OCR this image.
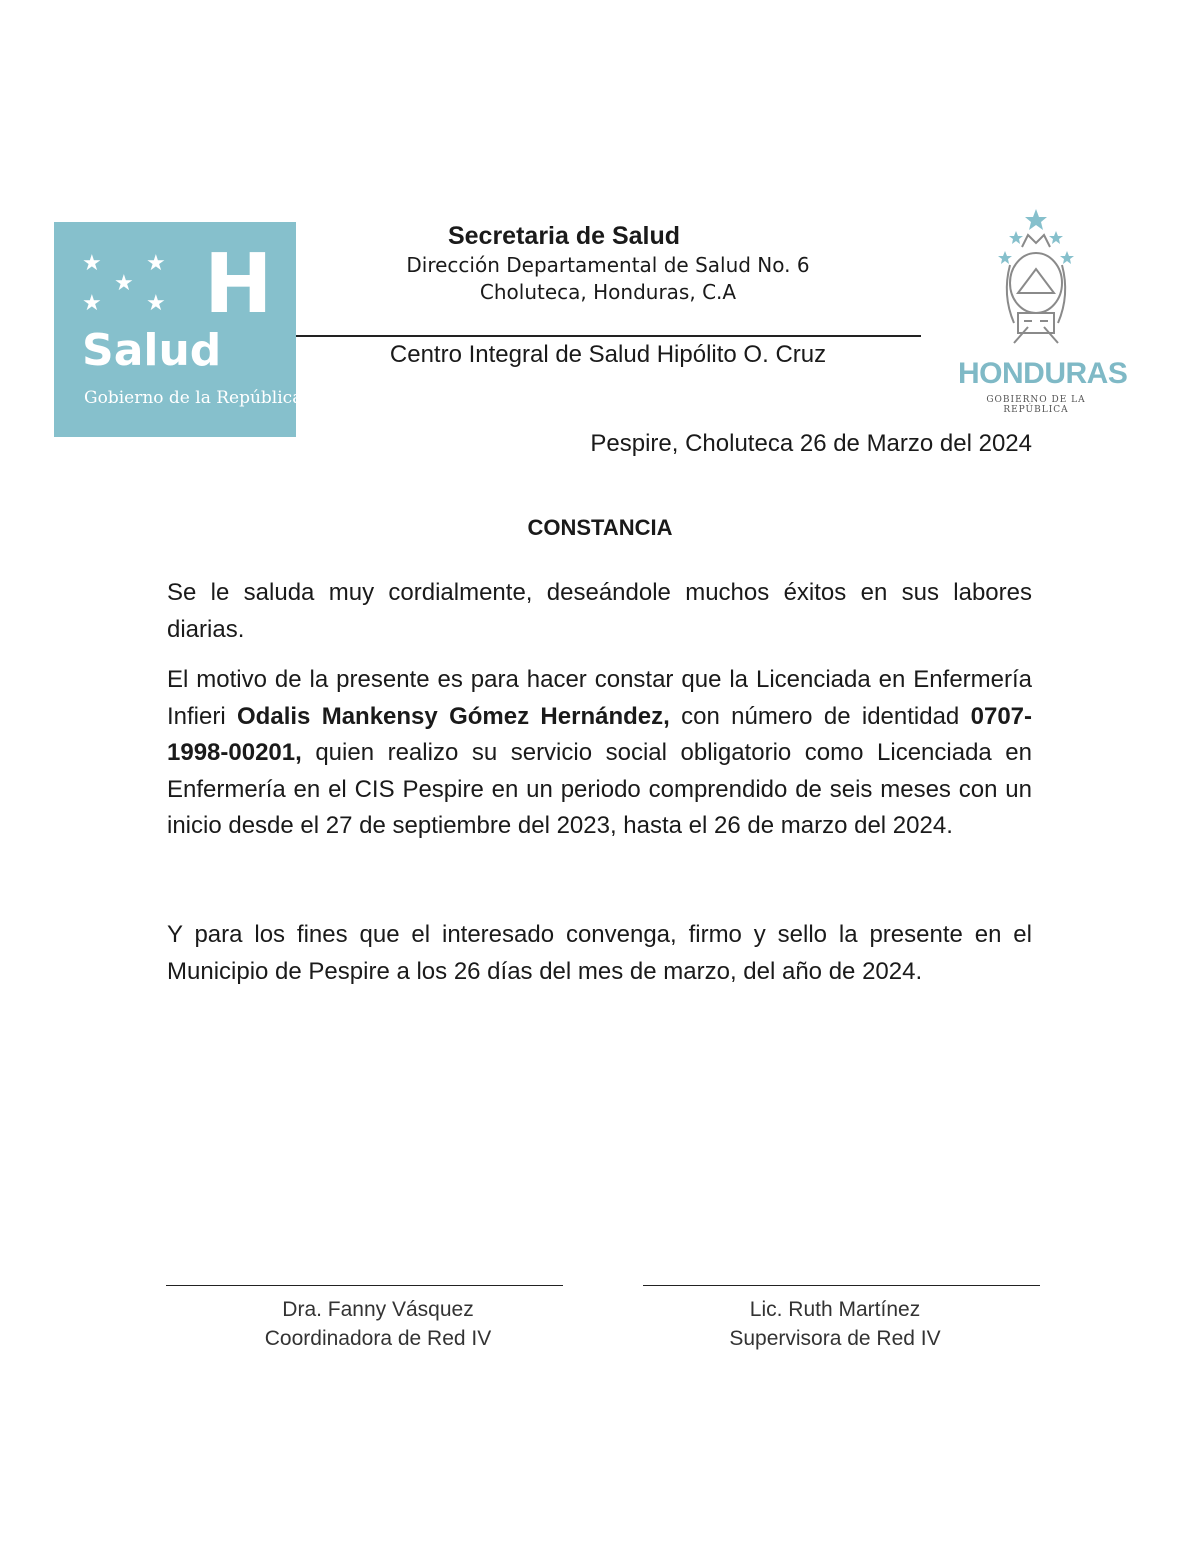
★ ★
★
★ ★ H
Salud
Gobierno de la República

Secretaria de Salud

Dirección Departamental de Salud No. 6

Choluteca, Honduras, C.A

Centro Integral de Salud Hipólito O. Cruz

HONDURAS
GOBIERNO DE LA REPÚBLICA
Pespire, Choluteca 26 de Marzo del 2024
CONSTANCIA

Se le saluda muy cordialmente, deseándole muchos éxitos en sus labores diarias.

El motivo de la presente es para hacer constar que la Licenciada en Enfermería Infieri Odalis Mankensy Gómez Hernández, con número de identidad 0707-1998-00201, quien realizo su servicio social obligatorio como Licenciada en Enfermería en el CIS Pespire en un periodo comprendido de seis meses con un inicio desde el 27 de septiembre del 2023, hasta el 26 de marzo del 2024.

Y para los fines que el interesado convenga, firmo y sello la presente en el Municipio de Pespire a los 26 días del mes de marzo, del año de 2024.

Dra. Fanny Vásquez
Coordinadora de Red IV
Lic. Ruth Martínez
Supervisora de Red IV
